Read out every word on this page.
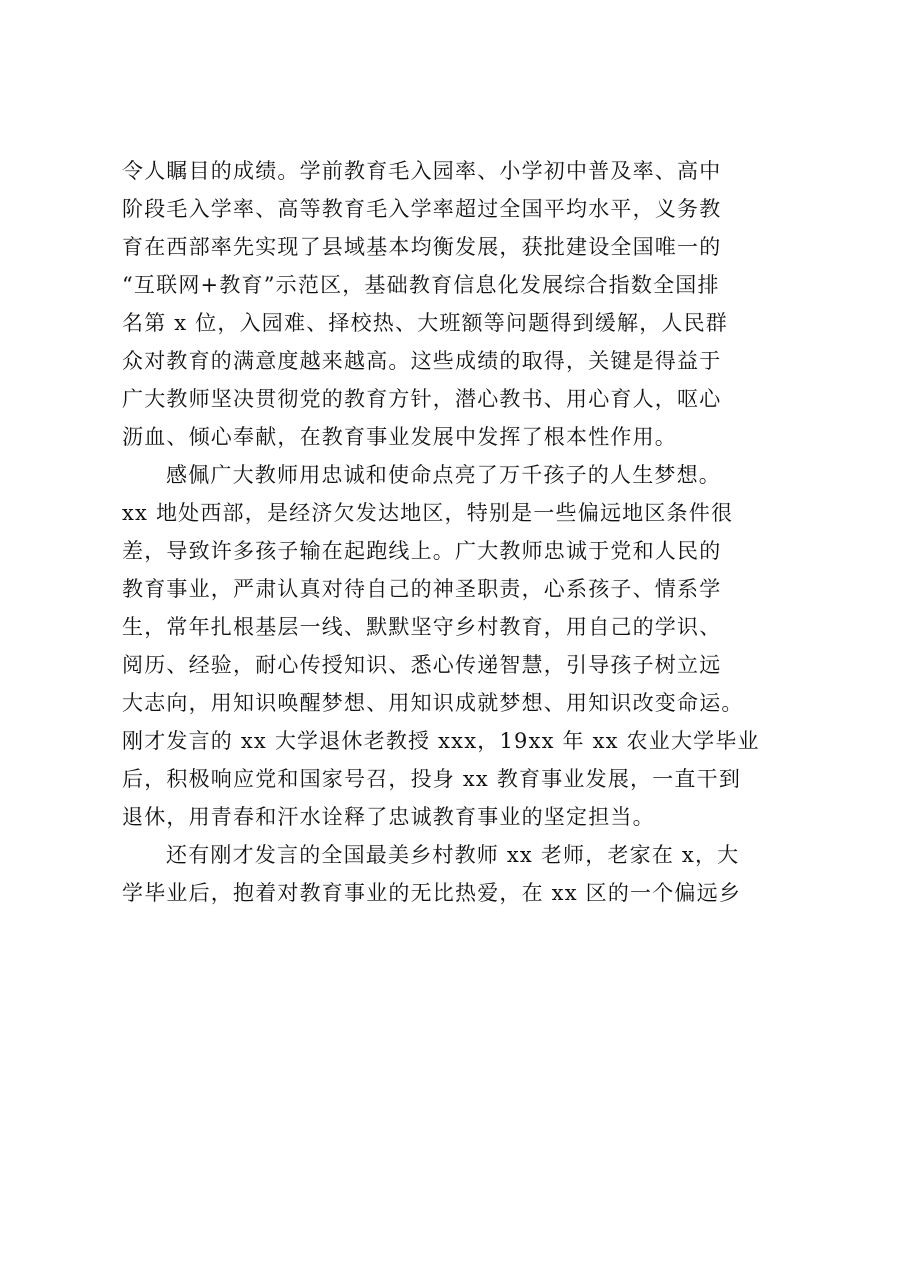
令人瞩目的成绩。学前教育毛入园率、小学初中普及率、高中
阶段毛入学率、高等教育毛入学率超过全国平均水平，义务教
育在西部率先实现了县域基本均衡发展，获批建设全国唯一的
“互联网+教育”示范区，基础教育信息化发展综合指数全国排
名第 x 位，入园难、择校热、大班额等问题得到缓解，人民群
众对教育的满意度越来越高。这些成绩的取得，关键是得益于
广大教师坚决贯彻党的教育方针，潜心教书、用心育人，呕心
沥血、倾心奉献，在教育事业发展中发挥了根本性作用。
感佩广大教师用忠诚和使命点亮了万千孩子的人生梦想。
xx 地处西部，是经济欠发达地区，特别是一些偏远地区条件很
差，导致许多孩子输在起跑线上。广大教师忠诚于党和人民的
教育事业，严肃认真对待自己的神圣职责，心系孩子、情系学
生，常年扎根基层一线、默默坚守乡村教育，用自己的学识、
阅历、经验，耐心传授知识、悉心传递智慧，引导孩子树立远
大志向，用知识唤醒梦想、用知识成就梦想、用知识改变命运。
刚才发言的 xx 大学退休老教授 xxx，19xx 年 xx 农业大学毕业
后，积极响应党和国家号召，投身 xx 教育事业发展，一直干到
退休，用青春和汗水诠释了忠诚教育事业的坚定担当。
还有刚才发言的全国最美乡村教师 xx 老师，老家在 x，大
学毕业后，抱着对教育事业的无比热爱，在 xx 区的一个偏远乡
